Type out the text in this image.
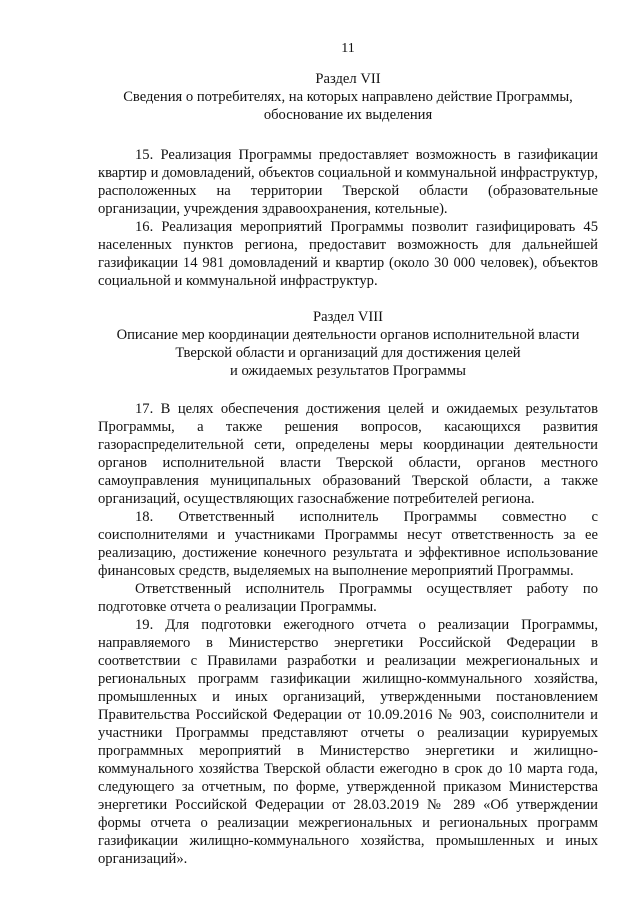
11
Раздел VII
Сведения о потребителях, на которых направлено действие Программы,
обоснование их выделения

15. Реализация Программы предоставляет возможность в газификации квартир и домовладений, объектов социальной и коммунальной инфраструктур, расположенных на территории Тверской области (образовательные организации, учреждения здравоохранения, котельные).

16. Реализация мероприятий Программы позволит газифицировать 45 населенных пунктов региона, предоставит возможность для дальнейшей газификации 14 981 домовладений и квартир (около 30 000 человек), объектов социальной и коммунальной инфраструктур.

Раздел VIII
Описание мер координации деятельности органов исполнительной власти
Тверской области и организаций для достижения целей
и ожидаемых результатов Программы

17. В целях обеспечения достижения целей и ожидаемых результатов Программы, а также решения вопросов, касающихся развития газораспределительной сети, определены меры координации деятельности органов исполнительной власти Тверской области, органов местного самоуправления муниципальных образований Тверской области, а также организаций, осуществляющих газоснабжение потребителей региона.

18. Ответственный исполнитель Программы совместно с соисполнителями и участниками Программы несут ответственность за ее реализацию, достижение конечного результата и эффективное использование финансовых средств, выделяемых на выполнение мероприятий Программы.

Ответственный исполнитель Программы осуществляет работу по подготовке отчета о реализации Программы.

19. Для подготовки ежегодного отчета о реализации Программы, направляемого в Министерство энергетики Российской Федерации в соответствии с Правилами разработки и реализации межрегиональных и региональных программ газификации жилищно-коммунального хозяйства, промышленных и иных организаций, утвержденными постановлением Правительства Российской Федерации от 10.09.2016 № 903, соисполнители и участники Программы представляют отчеты о реализации курируемых программных мероприятий в Министерство энергетики и жилищно-коммунального хозяйства Тверской области ежегодно в срок до 10 марта года, следующего за отчетным, по форме, утвержденной приказом Министерства энергетики Российской Федерации от 28.03.2019 № 289 «Об утверждении формы отчета о реализации межрегиональных и региональных программ газификации жилищно-коммунального хозяйства, промышленных и иных организаций».
